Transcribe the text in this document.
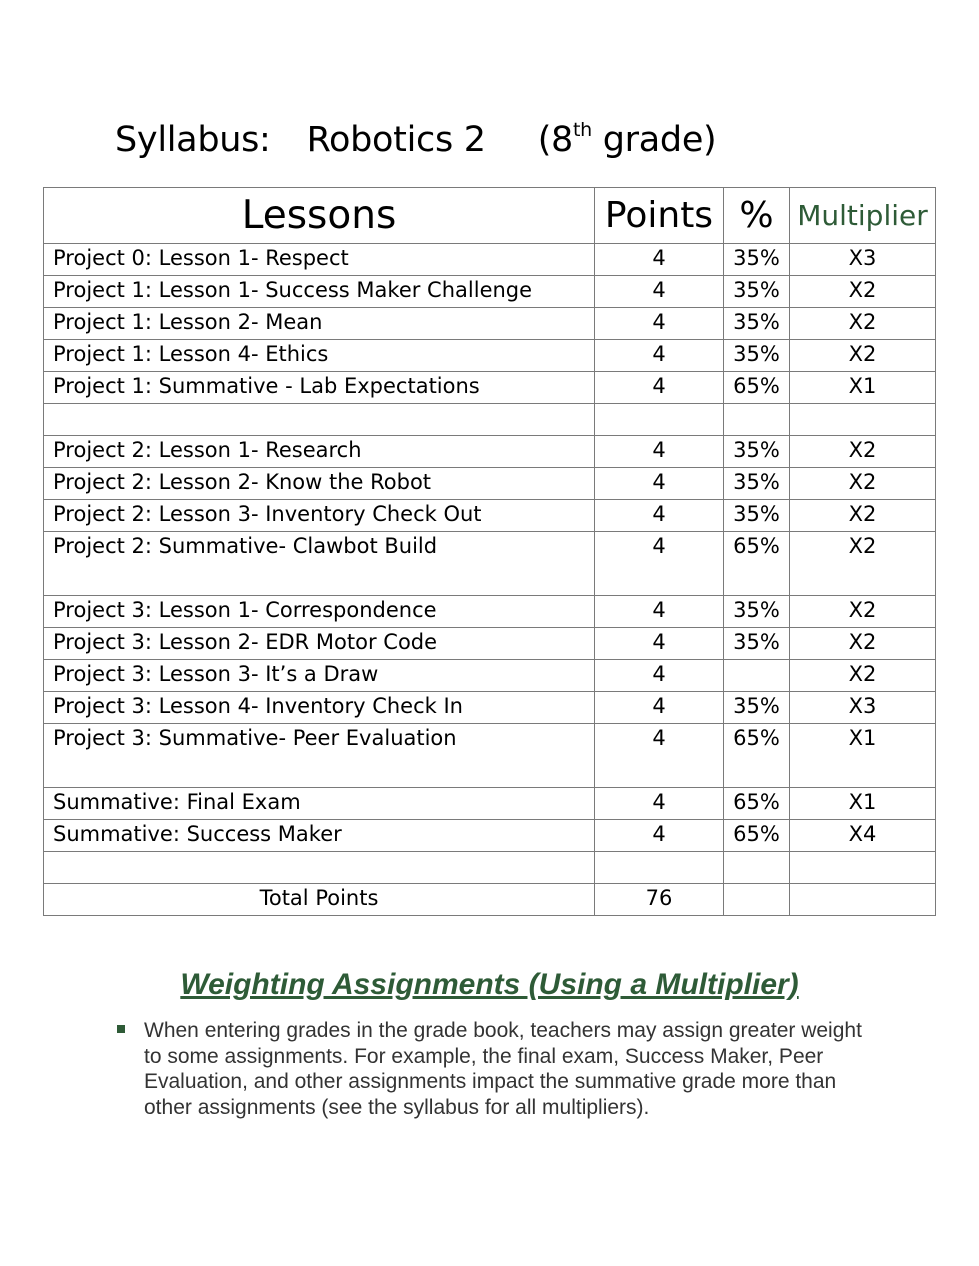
Syllabus: Robotics 2 (8th grade)
Lessons	Points	%	Multiplier
Project 0: Lesson 1- Respect	4	35%	X3
Project 1: Lesson 1- Success Maker Challenge	4	35%	X2
Project 1: Lesson 2- Mean	4	35%	X2
Project 1: Lesson 4- Ethics	4	35%	X2
Project 1: Summative - Lab Expectations	4	65%	X1

Project 2: Lesson 1- Research	4	35%	X2
Project 2: Lesson 2- Know the Robot	4	35%	X2
Project 2: Lesson 3- Inventory Check Out	4	35%	X2
Project 2: Summative- Clawbot Build	4	65%	X2
Project 3: Lesson 1- Correspondence	4	35%	X2
Project 3: Lesson 2- EDR Motor Code	4	35%	X2
Project 3: Lesson 3- It’s a Draw	4		X2
Project 3: Lesson 4- Inventory Check In	4	35%	X3
Project 3: Summative- Peer Evaluation	4	65%	X1
Summative: Final Exam	4	65%	X1
Summative: Success Maker	4	65%	X4

Total Points	76		
Weighting Assignments (Using a Multiplier)

When entering grades in the grade book, teachers may assign greater weight to some assignments. For example, the final exam, Success Maker, Peer Evaluation, and other assignments impact the summative grade more than other assignments (see the syllabus for all multipliers).
